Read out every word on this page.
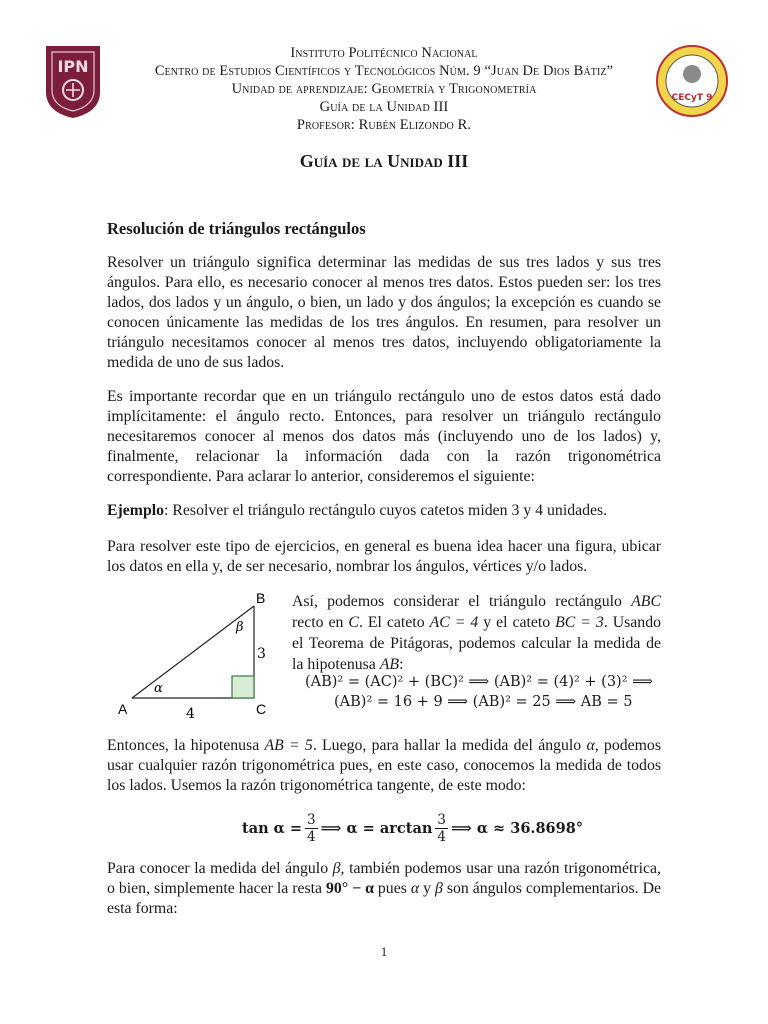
IPN
CECyT 9
Instituto Politécnico Nacional
Centro de Estudios Científicos y Tecnológicos Núm. 9 “Juan De Dios Bátiz”
Unidad de aprendizaje: Geometría y Trigonometría
Guía de la Unidad III
Profesor: Rubén Elizondo R.
Guía de la Unidad III
Resolución de triángulos rectángulos
Resolver un triángulo significa determinar las medidas de sus tres lados y sus tres ángulos. Para ello, es necesario conocer al menos tres datos. Estos pueden ser: los tres lados, dos lados y un ángulo, o bien, un lado y dos ángulos; la excepción es cuando se conocen únicamente las medidas de los tres ángulos. En resumen, para resolver un triángulo necesitamos conocer al menos tres datos, incluyendo obligatoriamente la medida de uno de sus lados.
Es importante recordar que en un triángulo rectángulo uno de estos datos está dado implícitamente: el ángulo recto. Entonces, para resolver un triángulo rectángulo necesitaremos conocer al menos dos datos más (incluyendo uno de los lados) y, finalmente, relacionar la información dada con la razón trigonométrica correspondiente. Para aclarar lo anterior, consideremos el siguiente:
Ejemplo: Resolver el triángulo rectángulo cuyos catetos miden 3 y 4 unidades.
Para resolver este tipo de ejercicios, en general es buena idea hacer una figura, ubicar los datos en ella y, de ser necesario, nombrar los ángulos, vértices y/o lados.
A
B
C
4
3
α
β
Así, podemos considerar el triángulo rectángulo ABC recto en C. El cateto AC = 4 y el cateto BC = 3. Usando el Teorema de Pitágoras, podemos calcular la medida de la hipotenusa AB:
(AB)² = (AC)² + (BC)² ⟹ (AB)² = (4)² + (3)² ⟹
(AB)² = 16 + 9 ⟹ (AB)² = 25 ⟹ AB = 5
Entonces, la hipotenusa AB = 5. Luego, para hallar la medida del ángulo α, podemos usar cualquier razón trigonométrica pues, en este caso, conocemos la medida de todos los lados. Usemos la razón trigonométrica tangente, de este modo:
$\tan \alpha = \frac{3}{4}$ ⟹ $\alpha = \arctan \frac{3}{4}$ ⟹ α ≈ 36.8698°
Para conocer la medida del ángulo β, también podemos usar una razón trigonométrica, o bien, simplemente hacer la resta 90° − α pues α y β son ángulos complementarios. De esta forma:
1
